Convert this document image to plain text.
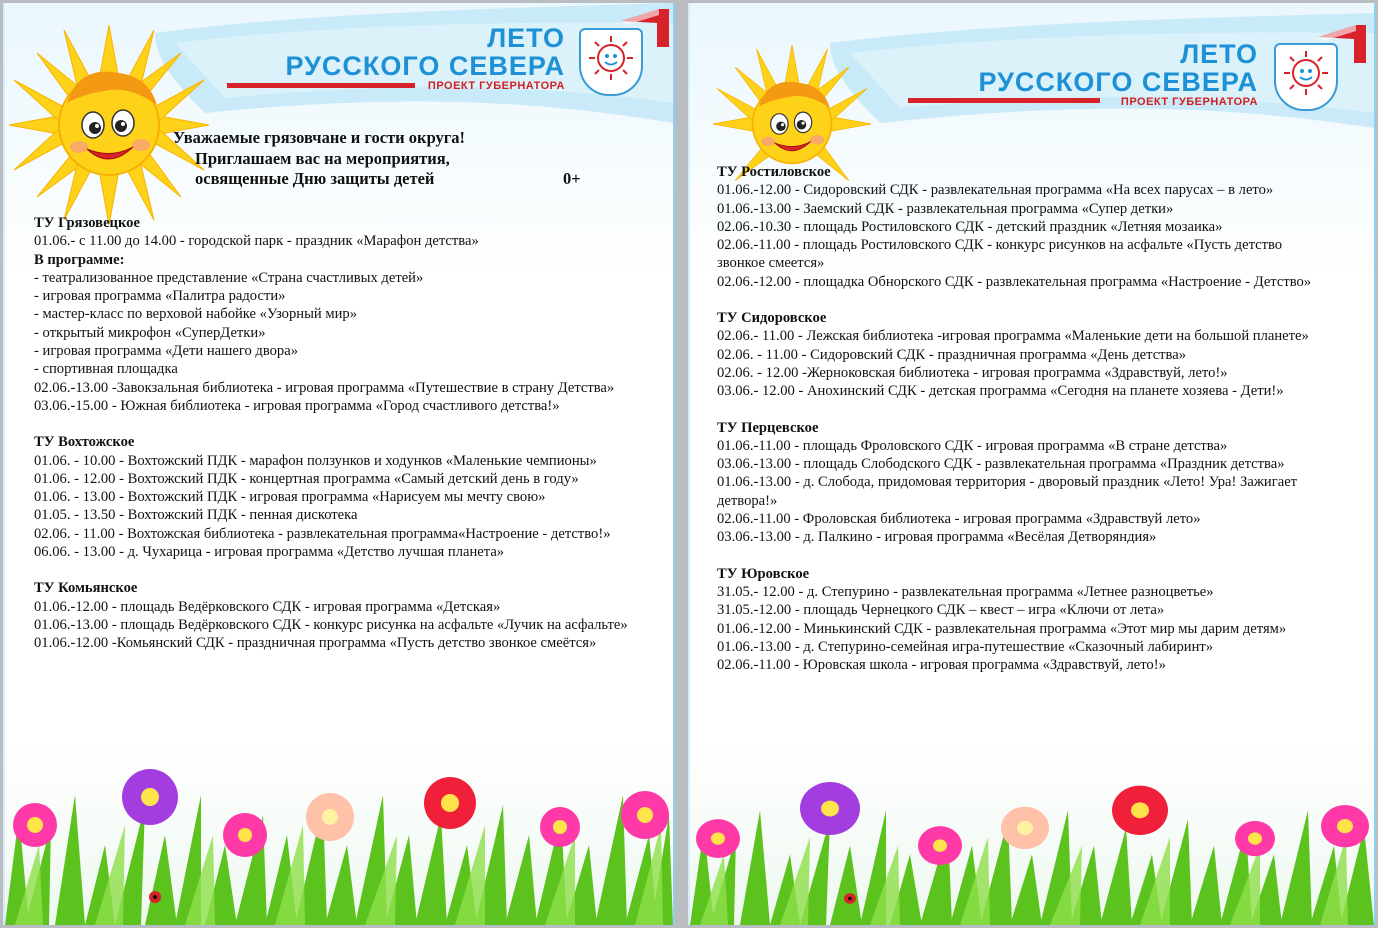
ЛЕТО
РУССКОГО СЕВЕРА
ПРОЕКТ ГУБЕРНАТОРА
Уважаемые грязовчане и гости округа!
Приглашаем вас на мероприятия,
освященные Дню защиты детей	0+
ТУ Грязовецкое
01.06.- с 11.00 до 14.00 - городской парк - праздник «Марафон детства»
В программе:
- театрализованное представление «Страна счастливых детей»
- игровая программа «Палитра радости»
- мастер-класс по верховой набойке «Узорный мир»
- открытый микрофон «СуперДетки»
- игровая программа «Дети нашего двора»
- спортивная площадка
02.06.-13.00 -Завокзальная библиотека - игровая программа «Путешествие в страну Детства»
03.06.-15.00 - Южная библиотека - игровая программа «Город счастливого детства!»
ТУ Вохтожское
01.06. - 10.00 - Вохтожский ПДК - марафон ползунков и ходунков «Маленькие чемпионы»
01.06. - 12.00 - Вохтожский ПДК - концертная программа «Самый детский день в году»
01.06. - 13.00 - Вохтожский ПДК - игровая программа «Нарисуем мы мечту свою»
01.05. - 13.50 - Вохтожский ПДК - пенная дискотека
02.06. - 11.00 - Вохтожская библиотека - развлекательная программа«Настроение - детство!»
06.06. - 13.00 - д. Чухарица - игровая программа «Детство лучшая планета»
ТУ Комьянское
01.06.-12.00 - площадь Ведёрковского СДК - игровая программа «Детская»
01.06.-13.00 - площадь Ведёрковского СДК - конкурс рисунка на асфальте «Лучик на асфальте»
01.06.-12.00 -Комьянский СДК - праздничная программа «Пусть детство звонкое смеётся»
ЛЕТО
РУССКОГО СЕВЕРА
ПРОЕКТ ГУБЕРНАТОРА
ТУ Ростиловское
01.06.-12.00 - Сидоровский СДК - развлекательная программа «На всех парусах – в лето»
01.06.-13.00 - Заемский СДК - развлекательная программа «Супер детки»
02.06.-10.30 - площадь Ростиловского СДК - детский праздник «Летняя мозаика»
02.06.-11.00 - площадь Ростиловского СДК - конкурс рисунков на асфальте «Пусть детство звонкое смеется»
02.06.-12.00 - площадка Обнорского СДК - развлекательная программа «Настроение - Детство»
ТУ Сидоровское
02.06.- 11.00 - Лежская библиотека -игровая программа «Маленькие дети на большой планете»
02.06. - 11.00 - Сидоровский СДК - праздничная программа «День детства»
02.06. - 12.00 -Жерноковская библиотека - игровая программа «Здравствуй, лето!»
03.06.- 12.00 - Анохинский СДК - детская программа «Сегодня на планете хозяева - Дети!»
ТУ Перцевское
01.06.-11.00 - площадь Фроловского СДК - игровая программа «В стране детства»
03.06.-13.00 - площадь Слободского СДК - развлекательная программа «Праздник детства»
01.06.-13.00 - д. Слобода, придомовая территория - дворовый праздник «Лето! Ура! Зажигает детвора!»
02.06.-11.00 - Фроловская библиотека - игровая программа «Здравствуй лето»
03.06.-13.00 - д. Палкино - игровая программа «Весёлая Детворяндия»
ТУ Юровское
31.05.- 12.00 - д. Степурино - развлекательная программа «Летнее разноцветье»
31.05.-12.00 - площадь Чернецкого СДК – квест – игра «Ключи от лета»
01.06.-12.00 - Минькинский СДК - развлекательная программа «Этот мир мы дарим детям»
01.06.-13.00 - д. Степурино-семейная игра-путешествие «Сказочный лабиринт»
02.06.-11.00 - Юровская школа - игровая программа «Здравствуй, лето!»
